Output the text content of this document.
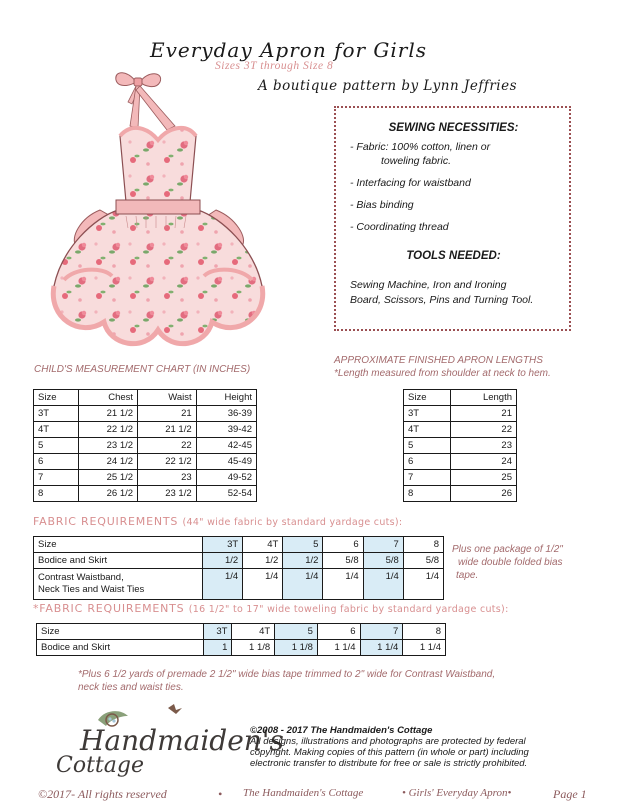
Everyday Apron for Girls
Sizes 3T through Size 8
A boutique pattern by Lynn Jeffries
SEWING NECESSITIES:
- Fabric: 100% cotton, linen or
toweling fabric.
- Interfacing for waistband
- Bias binding
- Coordinating thread
TOOLS NEEDED:
Sewing Machine, Iron and Ironing
Board, Scissors, Pins and Turning Tool.
CHILD'S MEASUREMENT CHART (IN INCHES)
Size	Chest	Waist	Height
3T	21 1/2	21	36-39
4T	22 1/2	21 1/2	39-42
5	23 1/2	22	42-45
6	24 1/2	22 1/2	45-49
7	25 1/2	23	49-52
8	26 1/2	23 1/2	52-54
APPROXIMATE FINISHED APRON LENGTHS
*Length measured from shoulder at neck to hem.
Size	Length
3T	21
4T	22
5	23
6	24
7	25
8	26
FABRIC REQUIREMENTS (44" wide fabric by standard yardage cuts):
Size	3T	4T	5	6	7	8
Bodice and Skirt	1/2	1/2	1/2	5/8	5/8	5/8

Contrast Waistband,
Neck Ties and Waist Ties	1/4	1/4	1/4	1/4	1/4	1/4
Plus one package of 1/2"
wide double folded bias
tape.
*FABRIC REQUIREMENTS (16 1/2" to 17" wide toweling fabric by standard yardage cuts):
Size	3T	4T	5	6	7	8
Bodice and Skirt	1	1 1/8	1 1/8	1 1/4	1 1/4	1 1/4
*Plus 6 1/2 yards of premade 2 1/2" wide bias tape trimmed to 2" wide for Contrast Waistband,
neck ties and waist ties.
Handmaiden's
Cottage
©2008 - 2017 The Handmaiden's Cottage
All designs, illustrations and photographs are protected by federal
copyright. Making copies of this pattern (in whole or part) including
electronic transfer to distribute for free or sale is strictly prohibited.
©2017- All rights reserved	• The Handmaiden's Cottage	• Girls' Everyday Apron•	Page 1
